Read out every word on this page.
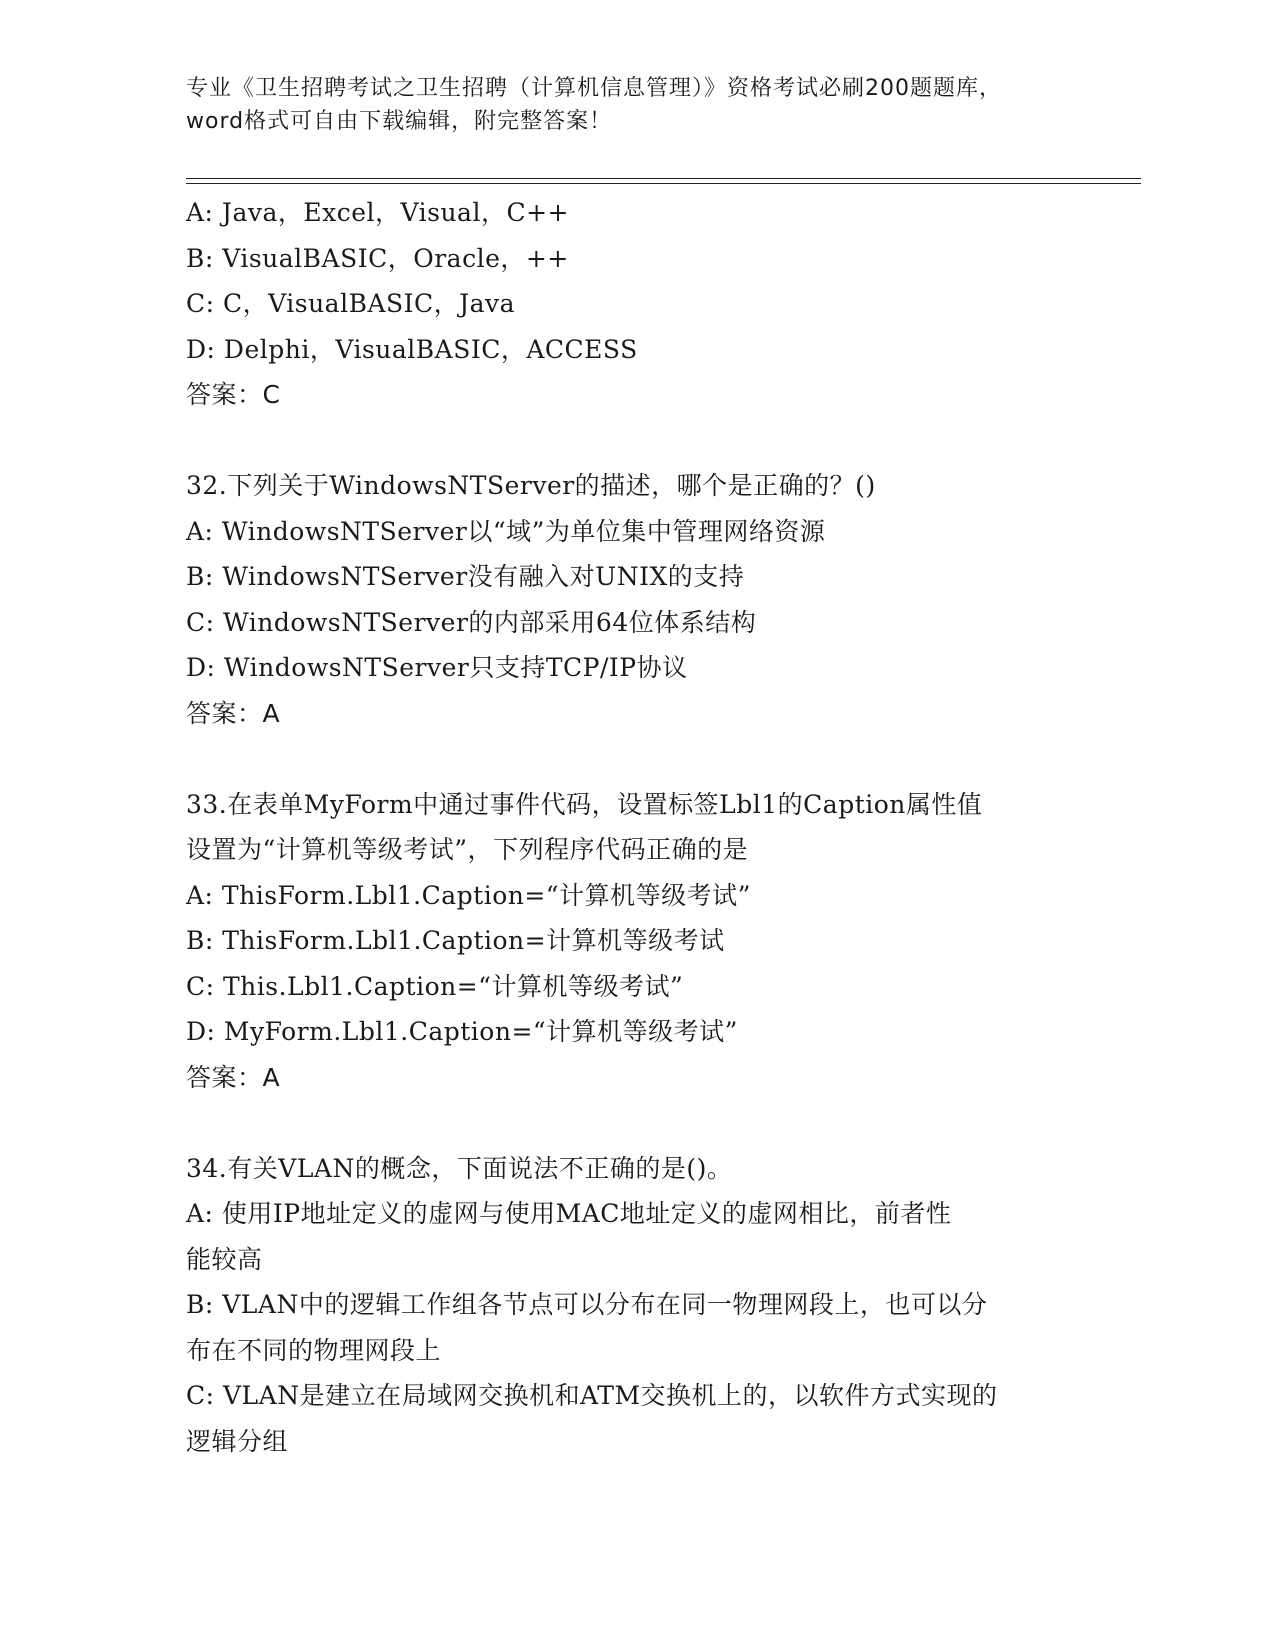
专业《卫生招聘考试之卫生招聘（计算机信息管理）》资格考试必刷200题题库，
word格式可自由下载编辑，附完整答案！
A: Java，Excel，Visual，C++
B: VisualBASIC，Oracle，++
C: C，VisualBASIC，Java
D: Delphi，VisualBASIC，ACCESS
答案：C
32.下列关于WindowsNTServer的描述，哪个是正确的？()
A: WindowsNTServer以“域”为单位集中管理网络资源
B: WindowsNTServer没有融入对UNIX的支持
C: WindowsNTServer的内部采用64位体系结构
D: WindowsNTServer只支持TCP/IP协议
答案：A
33.在表单MyForm中通过事件代码，设置标签Lbl1的Caption属性值
设置为“计算机等级考试”，下列程序代码正确的是
A: ThisForm.Lbl1.Caption=“计算机等级考试”
B: ThisForm.Lbl1.Caption=计算机等级考试
C: This.Lbl1.Caption=“计算机等级考试”
D: MyForm.Lbl1.Caption=“计算机等级考试”
答案：A
34.有关VLAN的概念，下面说法不正确的是()。
A: 使用IP地址定义的虚网与使用MAC地址定义的虚网相比，前者性
能较高
B: VLAN中的逻辑工作组各节点可以分布在同一物理网段上，也可以分
布在不同的物理网段上
C: VLAN是建立在局域网交换机和ATM交换机上的，以软件方式实现的
逻辑分组
